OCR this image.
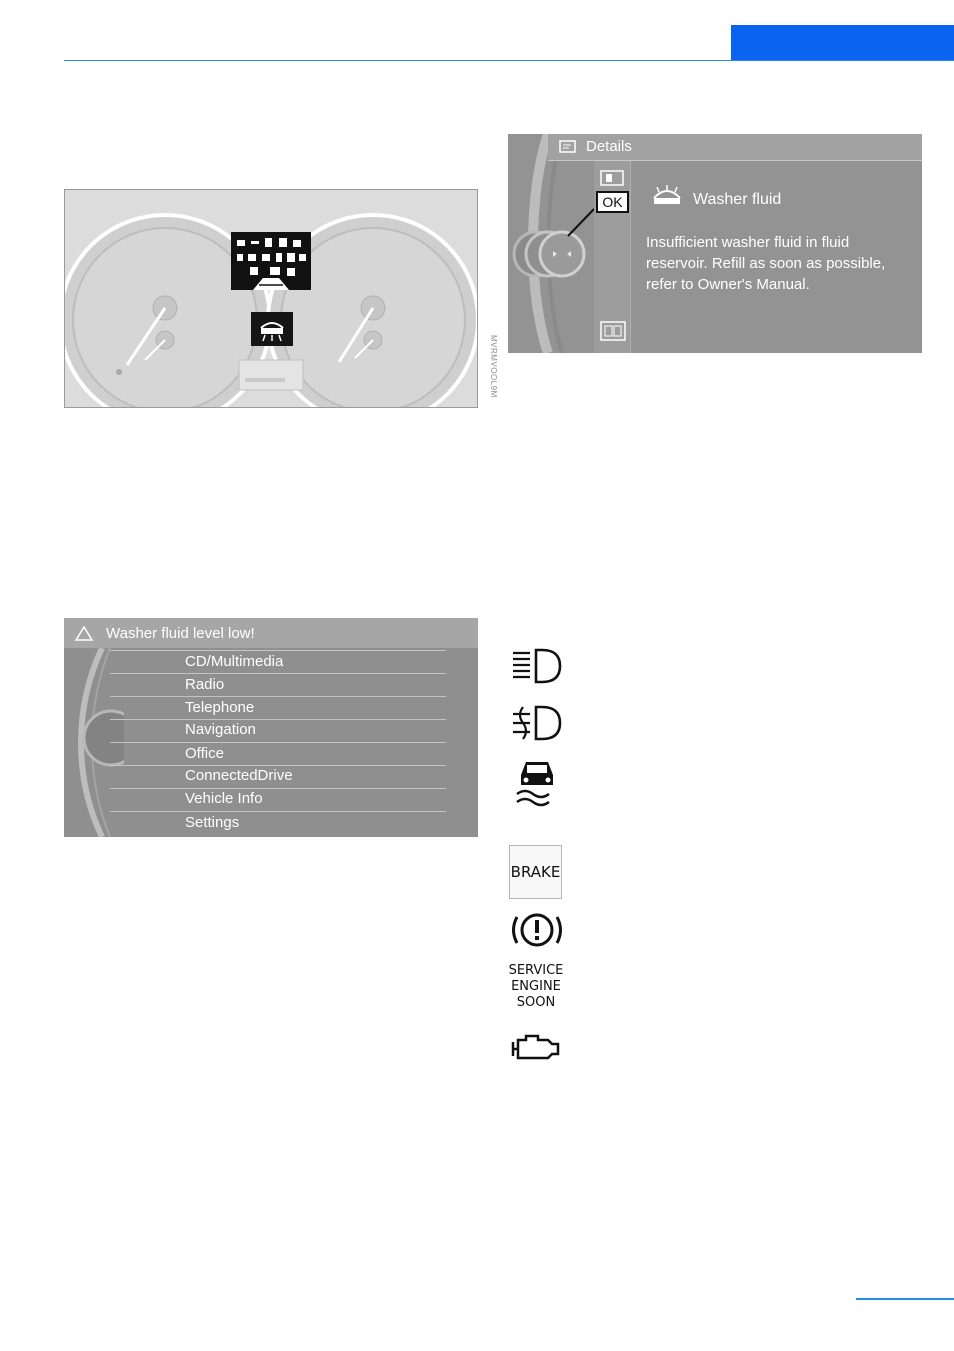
MVRMVOOL9M
Details
OK	Washer fluid
Insufficient washer fluid in fluid reservoir. Refill as soon as possible, refer to Owner's Manual.
Washer fluid level low!
CD/Multimedia
Radio
Telephone
Navigation
Office
ConnectedDrive
Vehicle Info
Settings
BRAKE
SERVICE
ENGINE
SOON
